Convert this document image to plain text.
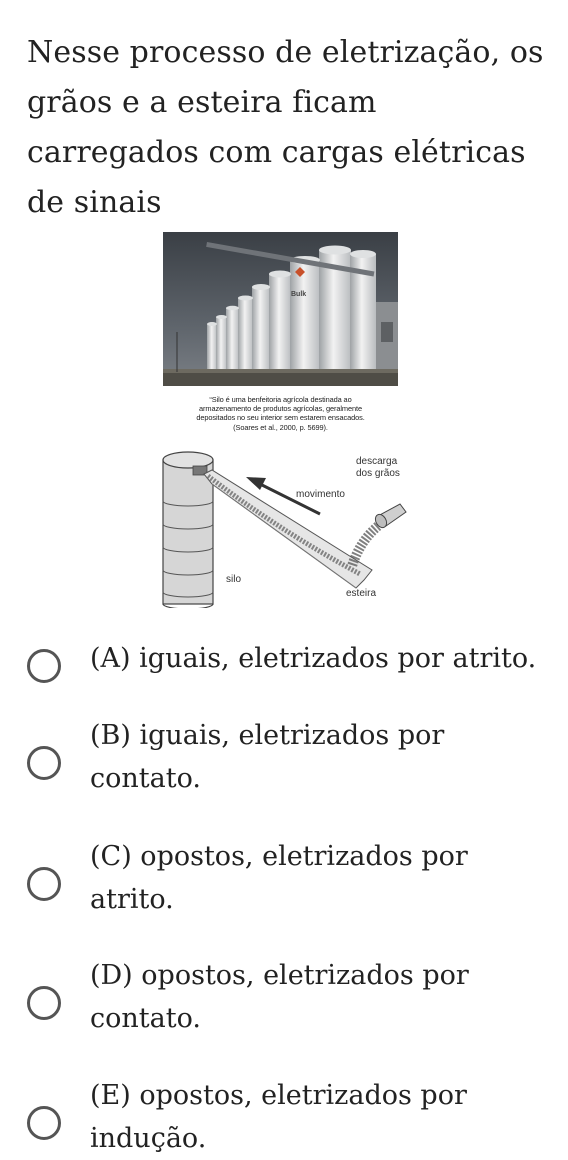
Nesse processo de eletrização, os grãos e a esteira ficam carregados com cargas elétricas de sinais
Bulk
“Silo é uma benfeitoria agrícola destinada ao
armazenamento de produtos agrícolas, geralmente
depositados no seu interior sem estarem ensacados.
(Soares et al., 2000, p. 5699).
descarga
dos grãos
movimento
silo
esteira
(A) iguais, eletrizados por atrito.
(B) iguais, eletrizados por
contato.
(C) opostos, eletrizados por
atrito.
(D) opostos, eletrizados por
contato.
(E) opostos, eletrizados por
indução.
